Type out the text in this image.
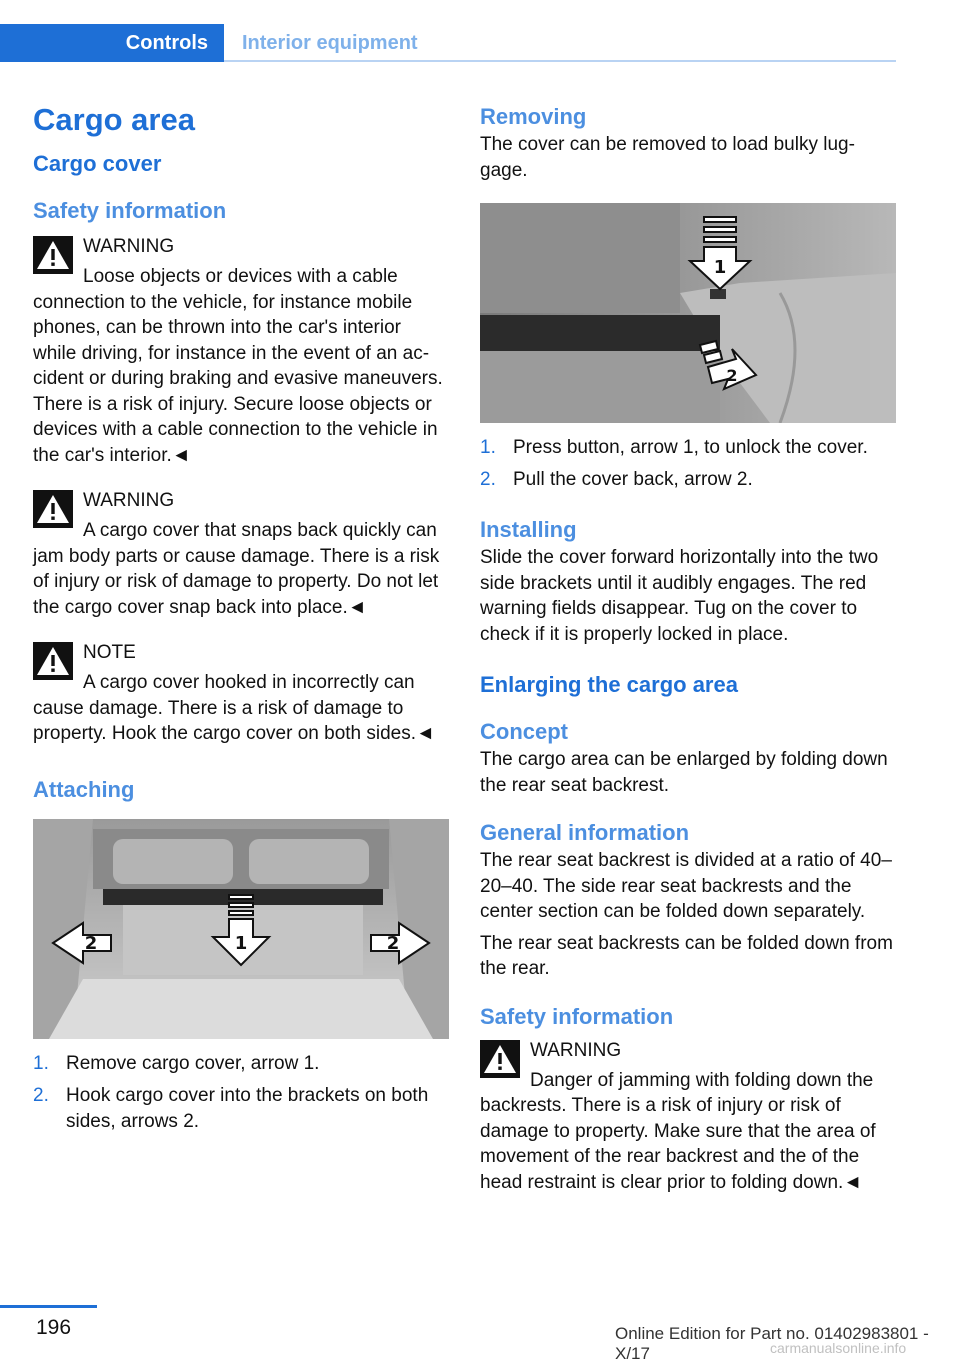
Controls	Interior equipment
Cargo area
Cargo cover
Safety information
WARNING

Loose objects or devices with a cable connection to the vehicle, for instance mobile phones, can be thrown into the car's interior while driving, for instance in the event of an accident or during braking and evasive maneuvers. There is a risk of injury. Secure loose objects or devices with a cable connection to the vehicle in the car's interior.◄

WARNING

A cargo cover that snaps back quickly can jam body parts or cause damage. There is a risk of injury or risk of damage to property. Do not let the cargo cover snap back into place.◄

NOTE

A cargo cover hooked in incorrectly can cause damage. There is a risk of damage to property. Hook the cargo cover on both sides.◄

Attaching
1
2	2
1. Remove cargo cover, arrow 1.
2. Hook cargo cover into the brackets on both sides, arrows 2.
Removing

The cover can be removed to load bulky luggage.

1
2
1. Press button, arrow 1, to unlock the cover.
2. Pull the cover back, arrow 2.
Installing

Slide the cover forward horizontally into the two side brackets until it audibly engages. The red warning fields disappear. Tug on the cover to check if it is properly locked in place.

Enlarging the cargo area
Concept

The cargo area can be enlarged by folding down the rear seat backrest.

General information

The rear seat backrest is divided at a ratio of 40–20–40. The side rear seat backrests and the center section can be folded down separately.

The rear seat backrests can be folded down from the rear.

Safety information
WARNING

Danger of jamming with folding down the backrests. There is a risk of injury or risk of damage to property. Make sure that the area of movement of the rear backrest and the of the head restraint is clear prior to folding down.◄

196	Online Edition for Part no. 01402983801 - X/17	carmanualsonline.info
